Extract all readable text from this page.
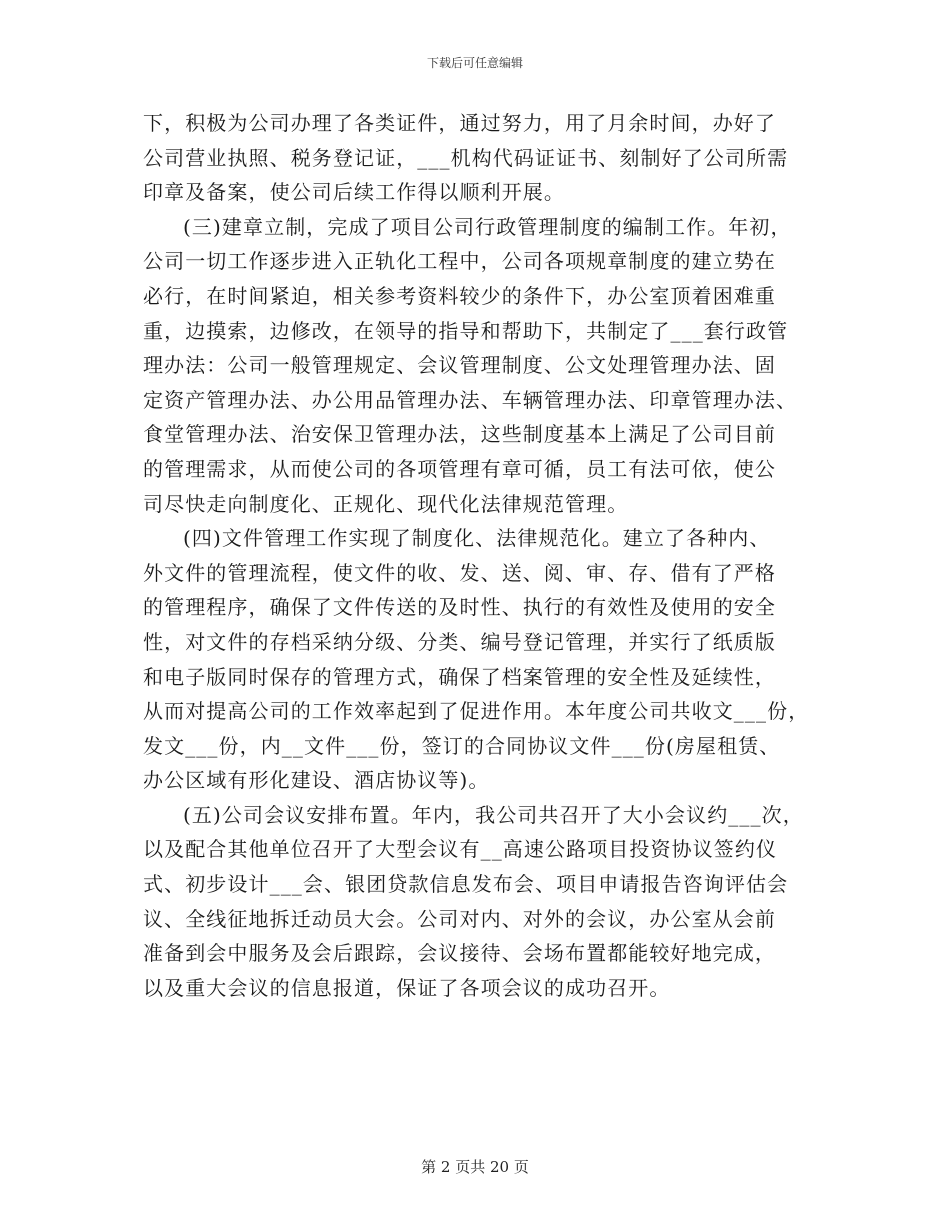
下载后可任意编辑
下，积极为公司办理了各类证件，通过努力，用了月余时间，办好了
公司营业执照、税务登记证，___机构代码证证书、刻制好了公司所需
印章及备案，使公司后续工作得以顺利开展。
(三)建章立制，完成了项目公司行政管理制度的编制工作。年初，
公司一切工作逐步进入正轨化工程中，公司各项规章制度的建立势在
必行，在时间紧迫，相关参考资料较少的条件下，办公室顶着困难重
重，边摸索，边修改，在领导的指导和帮助下，共制定了___套行政管
理办法：公司一般管理规定、会议管理制度、公文处理管理办法、固
定资产管理办法、办公用品管理办法、车辆管理办法、印章管理办法、
食堂管理办法、治安保卫管理办法，这些制度基本上满足了公司目前
的管理需求，从而使公司的各项管理有章可循，员工有法可依，使公
司尽快走向制度化、正规化、现代化法律规范管理。
(四)文件管理工作实现了制度化、法律规范化。建立了各种内、
外文件的管理流程，使文件的收、发、送、阅、审、存、借有了严格
的管理程序，确保了文件传送的及时性、执行的有效性及使用的安全
性，对文件的存档采纳分级、分类、编号登记管理，并实行了纸质版
和电子版同时保存的管理方式，确保了档案管理的安全性及延续性，
从而对提高公司的工作效率起到了促进作用。本年度公司共收文___份，
发文___份，内__文件___份，签订的合同协议文件___份(房屋租赁、
办公区域有形化建设、酒店协议等)。
(五)公司会议安排布置。年内，我公司共召开了大小会议约___次，
以及配合其他单位召开了大型会议有__高速公路项目投资协议签约仪
式、初步设计___会、银团贷款信息发布会、项目申请报告咨询评估会
议、全线征地拆迁动员大会。公司对内、对外的会议，办公室从会前
准备到会中服务及会后跟踪，会议接待、会场布置都能较好地完成，
以及重大会议的信息报道，保证了各项会议的成功召开。
第 2 页共 20 页
